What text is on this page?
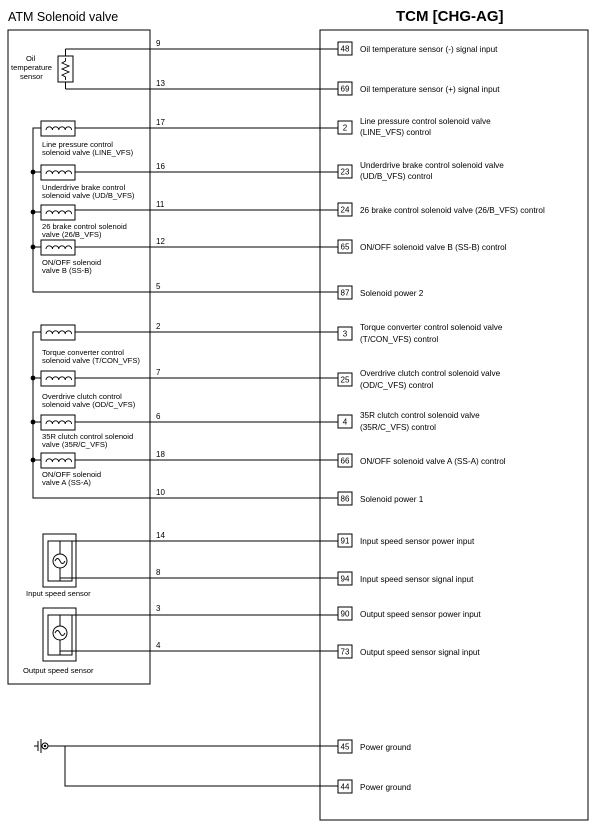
ATM Solenoid valve	TCM [CHG-AG]
Oil
temperature
sensor
Line pressure control
solenoid valve (LINE_VFS)
Underdrive brake control
solenoid valve (UD/B_VFS)
26 brake control solenoid
valve (26/B_VFS)
ON/OFF solenoid
valve B (SS-B)
Torque converter control
solenoid valve (T/CON_VFS)
Overdrive clutch control
solenoid valve (OD/C_VFS)
35R clutch control solenoid
valve (35R/C_VFS)
ON/OFF solenoid
valve A (SS-A)
Input speed sensor
Output speed sensor
9
48 Oil temperature sensor (-) signal input
13
69 Oil temperature sensor (+) signal input
17
2
Line pressure control solenoid valve
(LINE_VFS) control
16
23
Underdrive brake control solenoid valve
(UD/B_VFS) control
11
24 26 brake control solenoid valve (26/B_VFS) control
12
65 ON/OFF solenoid valve B (SS-B) control
5
87 Solenoid power 2
2
3
Torque converter control solenoid valve
(T/CON_VFS) control
7
25
Overdrive clutch control solenoid valve
(OD/C_VFS) control
6
4
35R clutch control solenoid valve
(35R/C_VFS) control
18
66 ON/OFF solenoid valve A (SS-A) control
10
86 Solenoid power 1
14
91 Input speed sensor power input
8
94 Input speed sensor signal input
3
90 Output speed sensor power input
4
73 Output speed sensor signal input
45 Power ground
44 Power ground
